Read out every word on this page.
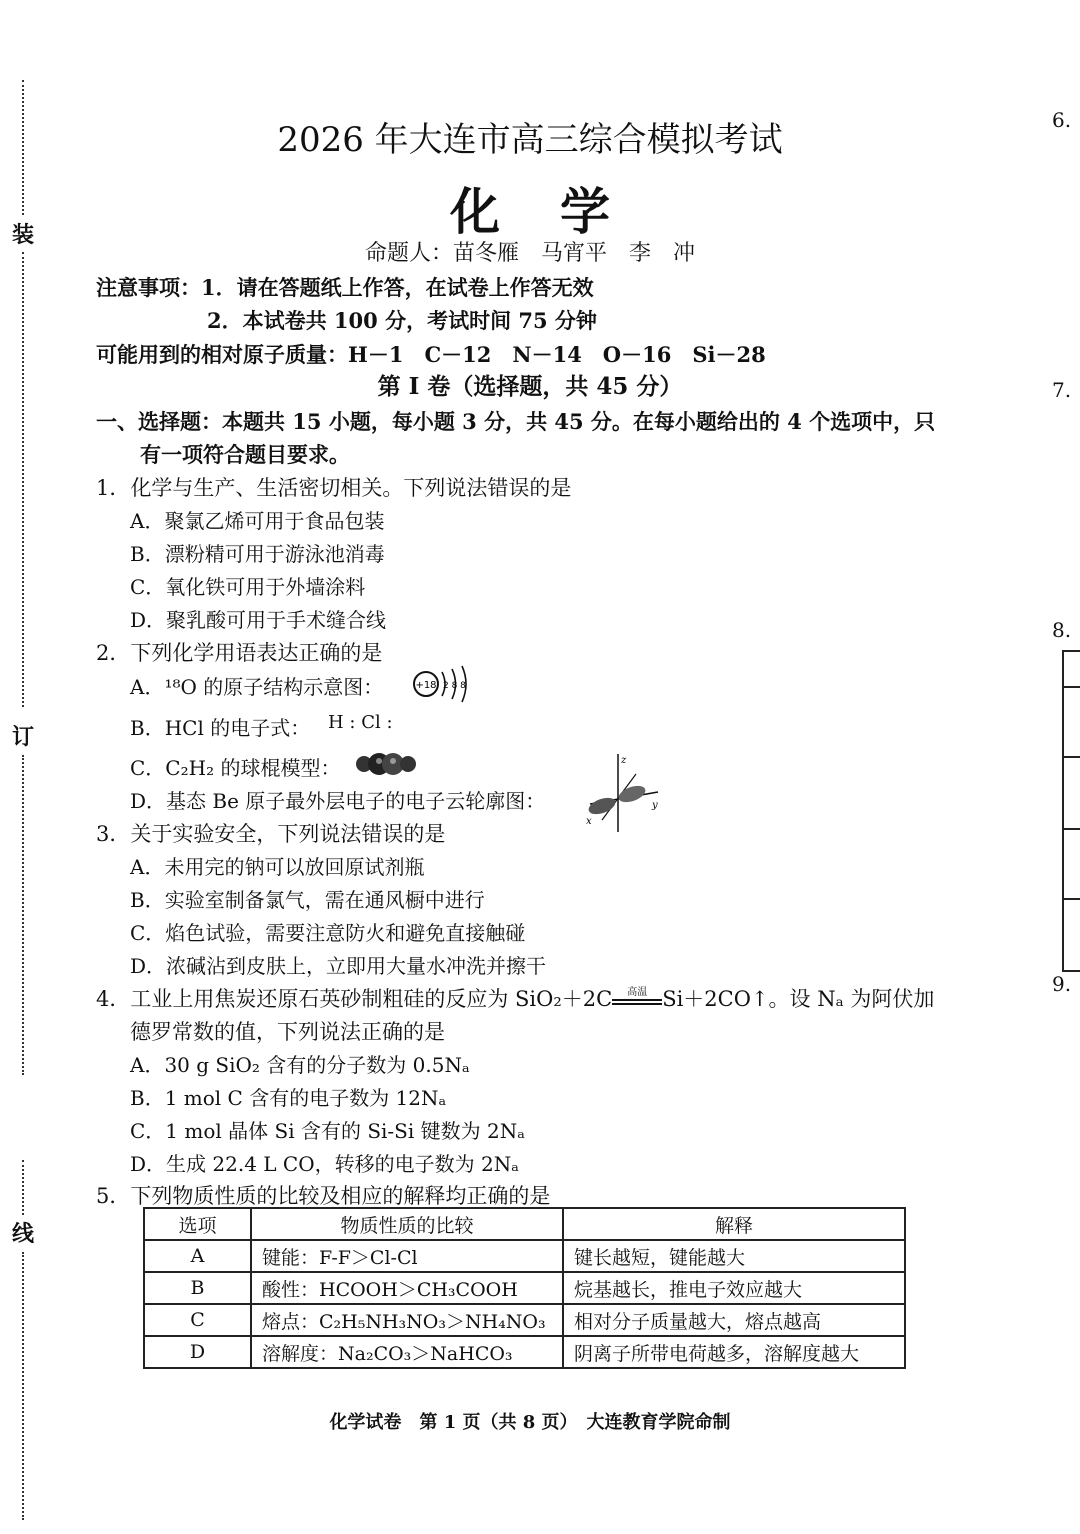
装
订
线
2026 年大连市高三综合模拟考试
化学
命题人：苗冬雁　马宵平　李　冲
注意事项：1．请在答题纸上作答，在试卷上作答无效
2．本试卷共 100 分，考试时间 75 分钟
可能用到的相对原子质量：H－1　C－12　N－14　O－16　Si－28
第 I 卷（选择题，共 45 分）
一、选择题：本题共 15 小题，每小题 3 分，共 45 分。在每小题给出的 4 个选项中，只
有一项符合题目要求。
1．化学与生产、生活密切相关。下列说法错误的是
A．聚氯乙烯可用于食品包装
B．漂粉精可用于游泳池消毒
C．氧化铁可用于外墙涂料
D．聚乳酸可用于手术缝合线
2．下列化学用语表达正确的是
A．¹⁸O 的原子结构示意图：	+18 2 8 8
B．HCl 的电子式： H : Cl :
C．C₂H₂ 的球棍模型：
D．基态 Be 原子最外层电子的电子云轮廓图：
z
y
x
3．关于实验安全，下列说法错误的是
A．未用完的钠可以放回原试剂瓶
B．实验室制备氯气，需在通风橱中进行
C．焰色试验，需要注意防火和避免直接触碰
D．浓碱沾到皮肤上，立即用大量水冲洗并擦干
4．工业上用焦炭还原石英砂制粗硅的反应为 SiO₂＋2C	高温 Si＋2CO↑。设 Nₐ 为阿伏加
德罗常数的值，下列说法正确的是
A．30 g SiO₂ 含有的分子数为 0.5Nₐ
B．1 mol C 含有的电子数为 12Nₐ
C．1 mol 晶体 Si 含有的 Si-Si 键数为 2Nₐ
D．生成 22.4 L CO，转移的电子数为 2Nₐ
5．下列物质性质的比较及相应的解释均正确的是
选项	物质性质的比较	解释
A	键能：F-F＞Cl-Cl	键长越短，键能越大
B	酸性：HCOOH＞CH₃COOH	烷基越长，推电子效应越大
C	熔点：C₂H₅NH₃NO₃＞NH₄NO₃	相对分子质量越大，熔点越高
D	溶解度：Na₂CO₃＞NaHCO₃	阴离子所带电荷越多，溶解度越大
6.
7.
8.
9.
化学试卷　第 1 页（共 8 页）　大连教育学院命制
